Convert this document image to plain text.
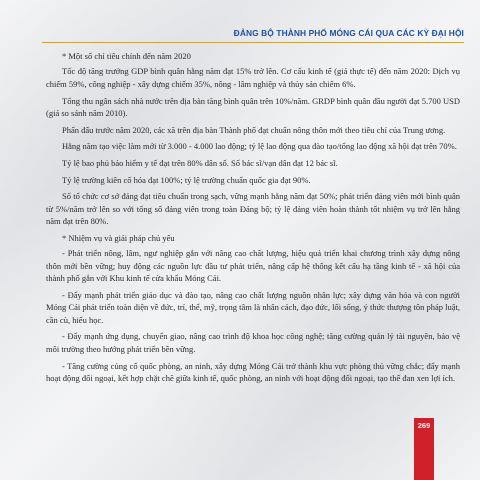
ĐẢNG BỘ THÀNH PHỐ MÓNG CÁI QUA CÁC KỲ ĐẠI HỘI

* Một số chỉ tiêu chính đến năm 2020

Tốc độ tăng trưởng GDP bình quân hằng năm đạt 15% trở lên. Cơ cấu kinh tế (giá thực tế) đến năm 2020: Dịch vụ chiếm 59%, công nghiệp - xây dựng chiếm 35%, nông - lâm nghiệp và thủy sản chiếm 6%.

Tổng thu ngân sách nhà nước trên địa bàn tăng bình quân trên 10%/năm. GRDP bình quân đầu người đạt 5.700 USD (giá so sánh năm 2010).

Phấn đấu trước năm 2020, các xã trên địa bàn Thành phố đạt chuẩn nông thôn mới theo tiêu chí của Trung ương.

Hằng năm tạo việc làm mới từ 3.000 - 4.000 lao động; tỷ lệ lao động qua đào tạo/tổng lao động xã hội đạt trên 70%.

Tỷ lệ bao phủ bảo hiểm y tế đạt trên 80% dân số. Số bác sĩ/vạn dân đạt 12 bác sĩ.

Tỷ lệ trường kiên cố hóa đạt 100%; tỷ lệ trường chuẩn quốc gia đạt 90%.

Số tổ chức cơ sở đảng đạt tiêu chuẩn trong sạch, vững mạnh hằng năm đạt 50%; phát triển đảng viên mới bình quân từ 5%/năm trở lên so với tổng số đảng viên trong toàn Đảng bộ; tỷ lệ đảng viên hoàn thành tốt nhiệm vụ trở lên hằng năm đạt trên 80%.

* Nhiệm vụ và giải pháp chủ yếu

- Phát triển nông, lâm, ngư nghiệp gắn với nâng cao chất lượng, hiệu quả triển khai chương trình xây dựng nông thôn mới bền vững; huy động các nguồn lực đầu tư phát triển, nâng cấp hệ thống kết cấu hạ tầng kinh tế - xã hội của thành phố gắn với Khu kinh tế cửa khẩu Móng Cái.

- Đẩy mạnh phát triển giáo dục và đào tạo, nâng cao chất lượng nguồn nhân lực; xây dựng văn hóa và con người Móng Cái phát triển toàn diện về đức, trí, thể, mỹ, trọng tâm là nhân cách, đạo đức, lối sống, ý thức thượng tôn pháp luật, cần cù, hiếu học.

- Đẩy mạnh ứng dụng, chuyển giao, nâng cao trình độ khoa học công nghệ; tăng cường quản lý tài nguyên, bảo vệ môi trường theo hướng phát triển bền vững.

- Tăng cường củng cố quốc phòng, an ninh, xây dựng Móng Cái trở thành khu vực phòng thủ vững chắc; đẩy mạnh hoạt động đối ngoại, kết hợp chặt chẽ giữa kinh tế, quốc phòng, an ninh với hoạt động đối ngoại, tạo thế đan xen lợi ích.

269
